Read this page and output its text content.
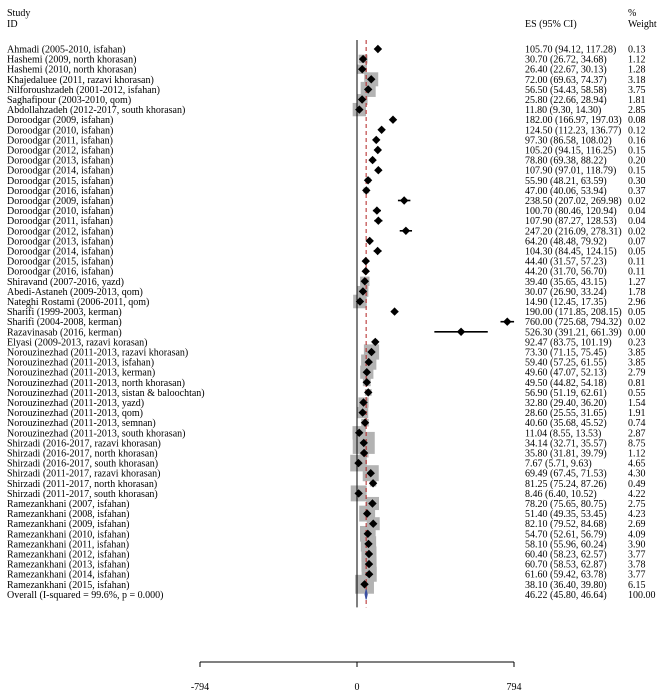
Study
ID	ES (95% CI)
%
Weight
Ahmadi (2005-2010, isfahan)	105.70 (94.12, 117.28) 0.13
Hashemi (2009, north khorasan)	30.70 (26.72, 34.68) 1.12
Hashemi (2010, north khorasan)	26.40 (22.67, 30.13) 1.28
Khajedaluee (2011, razavi khorasan)	72.00 (69.63, 74.37) 3.18
Nilforoushzadeh (2001-2012, isfahan)	56.50 (54.43, 58.58) 3.75
Saghafipour (2003-2010, qom)	25.80 (22.66, 28.94) 1.81
Abdollahzadeh (2012-2017, south khorasan)	11.80 (9.30, 14.30)	2.85
Doroodgar (2009, isfahan)	182.00 (166.97, 197.03) 0.08
Doroodgar (2010, isfahan)	124.50 (112.23, 136.77) 0.12
Doroodgar (2011, isfahan)	97.30 (86.58, 108.02) 0.16
Doroodgar (2012, isfahan)	105.20 (94.15, 116.25) 0.15
Doroodgar (2013, isfahan)	78.80 (69.38, 88.22) 0.20
Doroodgar (2014, isfahan)	107.90 (97.01, 118.79) 0.15
Doroodgar (2015, isfahan)	55.90 (48.21, 63.59) 0.30
Doroodgar (2016, isfahan)	47.00 (40.06, 53.94) 0.37
Doroodgar (2009, isfahan)	238.50 (207.02, 269.98) 0.02
Doroodgar (2010, isfahan)	100.70 (80.46, 120.94) 0.04
Doroodgar (2011, isfahan)	107.90 (87.27, 128.53) 0.04
Doroodgar (2012, isfahan)	247.20 (216.09, 278.31) 0.02
Doroodgar (2013, isfahan)	64.20 (48.48, 79.92) 0.07
Doroodgar (2014, isfahan)	104.30 (84.45, 124.15) 0.05
Doroodgar (2015, isfahan)	44.40 (31.57, 57.23) 0.11
Doroodgar (2016, isfahan)	44.20 (31.70, 56.70) 0.11
Shiravand (2007-2016, yazd)	39.40 (35.65, 43.15) 1.27
Abedi-Astaneh (2009-2013, qom)	30.07 (26.90, 33.24) 1.78
Nateghi Rostami (2006-2011, qom)	14.90 (12.45, 17.35) 2.96
Sharifi (1999-2003, kerman)	190.00 (171.85, 208.15) 0.05
Sharifi (2004-2008, kerman)	760.00 (725.68, 794.32) 0.02
Razavinasab (2016, kerman)	526.30 (391.21, 661.39) 0.00
Elyasi (2009-2013, razavi korasan)	92.47 (83.75, 101.19) 0.23
Norouzinezhad (2011-2013, razavi khorasan)	73.30 (71.15, 75.45) 3.85
Norouzinezhad (2011-2013, isfahan)	59.40 (57.25, 61.55) 3.85
Norouzinezhad (2011-2013, kerman)	49.60 (47.07, 52.13) 2.79
Norouzinezhad (2011-2013, north khorasan)	49.50 (44.82, 54.18) 0.81
Norouzinezhad (2011-2013, sistan & baloochtan)	56.90 (51.19, 62.61) 0.55
Norouzinezhad (2011-2013, yazd)	32.80 (29.40, 36.20) 1.54
Norouzinezhad (2011-2013, qom)	28.60 (25.55, 31.65) 1.91
Norouzinezhad (2011-2013, semnan)	40.60 (35.68, 45.52) 0.74
Norouzinezhad (2011-2013, south khorasan)	11.04 (8.55, 13.53)	2.87
Shirzadi (2016-2017, razavi khorasan)	34.14 (32.71, 35.57) 8.75
Shirzadi (2016-2017, north khorasan)	35.80 (31.81, 39.79) 1.12
Shirzadi (2016-2017, south khorasan)	7.67 (5.71, 9.63)	4.65
Shirzadi (2011-2017, razavi khorasan)	69.49 (67.45, 71.53) 4.30
Shirzadi (2011-2017, north khorasan)	81.25 (75.24, 87.26) 0.49
Shirzadi (2011-2017, south khorasan)	8.46 (6.40, 10.52)	4.22
Ramezankhani (2007, isfahan)	78.20 (75.65, 80.75) 2.75
Ramezankhani (2008, isfahan)	51.40 (49.35, 53.45) 4.23
Ramezankhani (2009, isfahan)	82.10 (79.52, 84.68) 2.69
Ramezankhani (2010, isfahan)	54.70 (52.61, 56.79) 4.09
Ramezankhani (2011, isfahan)	58.10 (55.96, 60.24) 3.90
Ramezankhani (2012, isfahan)	60.40 (58.23, 62.57) 3.77
Ramezankhani (2013, isfahan)	60.70 (58.53, 62.87) 3.78
Ramezankhani (2014, isfahan)	61.60 (59.42, 63.78) 3.77
Ramezankhani (2015, isfahan)	38.10 (36.40, 39.80) 6.15
Overall (I-squared = 99.6%, p = 0.000)	46.22 (45.80, 46.64) 100.00
-794	0	794
